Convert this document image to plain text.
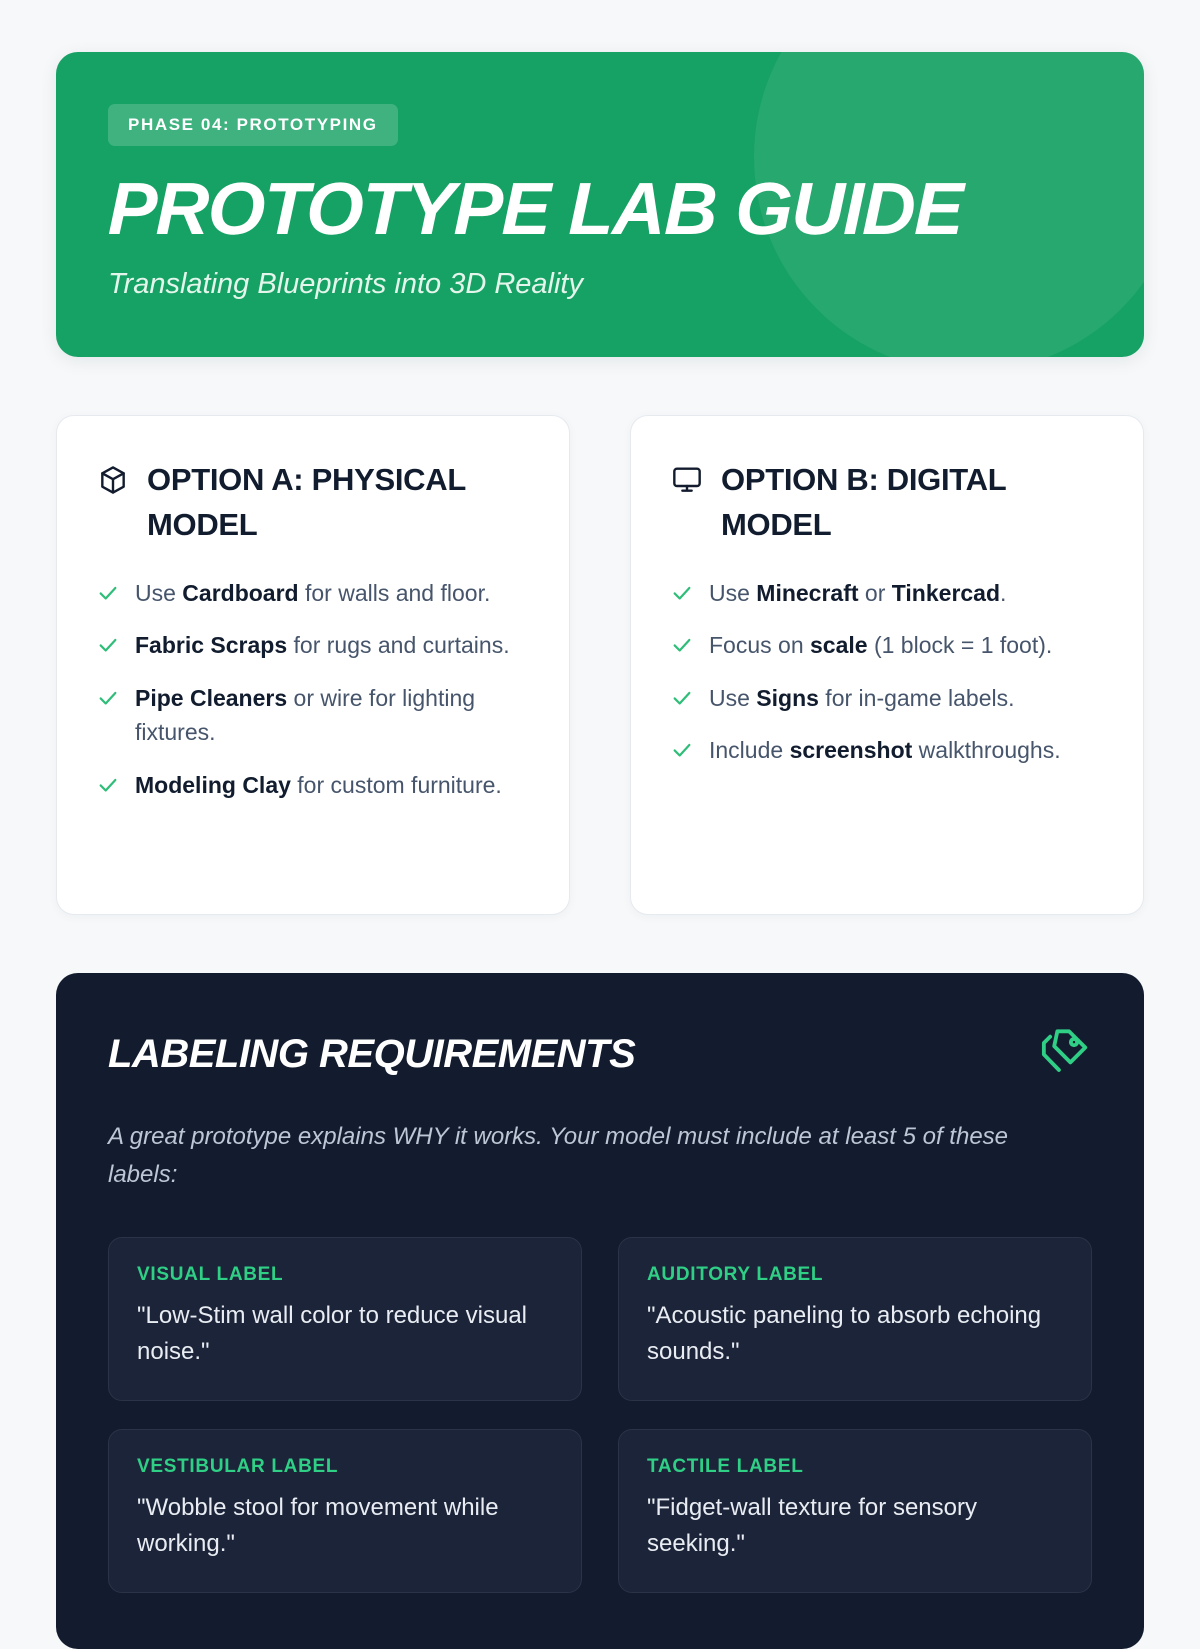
PHASE 04: PROTOTYPING
PROTOTYPE LAB GUIDE
Translating Blueprints into 3D Reality
OPTION A: PHYSICAL MODEL
Use Cardboard for walls and floor.
Fabric Scraps for rugs and curtains.
Pipe Cleaners or wire for lighting fixtures.
Modeling Clay for custom furniture.
OPTION B: DIGITAL MODEL
Use Minecraft or Tinkercad.
Focus on scale (1 block = 1 foot).
Use Signs for in-game labels.
Include screenshot walkthroughs.
LABELING REQUIREMENTS
A great prototype explains WHY it works. Your model must include at least 5 of these labels:
VISUAL LABEL
"Low-Stim wall color to reduce visual noise."
AUDITORY LABEL
"Acoustic paneling to absorb echoing sounds."
VESTIBULAR LABEL
"Wobble stool for movement while working."
TACTILE LABEL
"Fidget-wall texture for sensory seeking."
